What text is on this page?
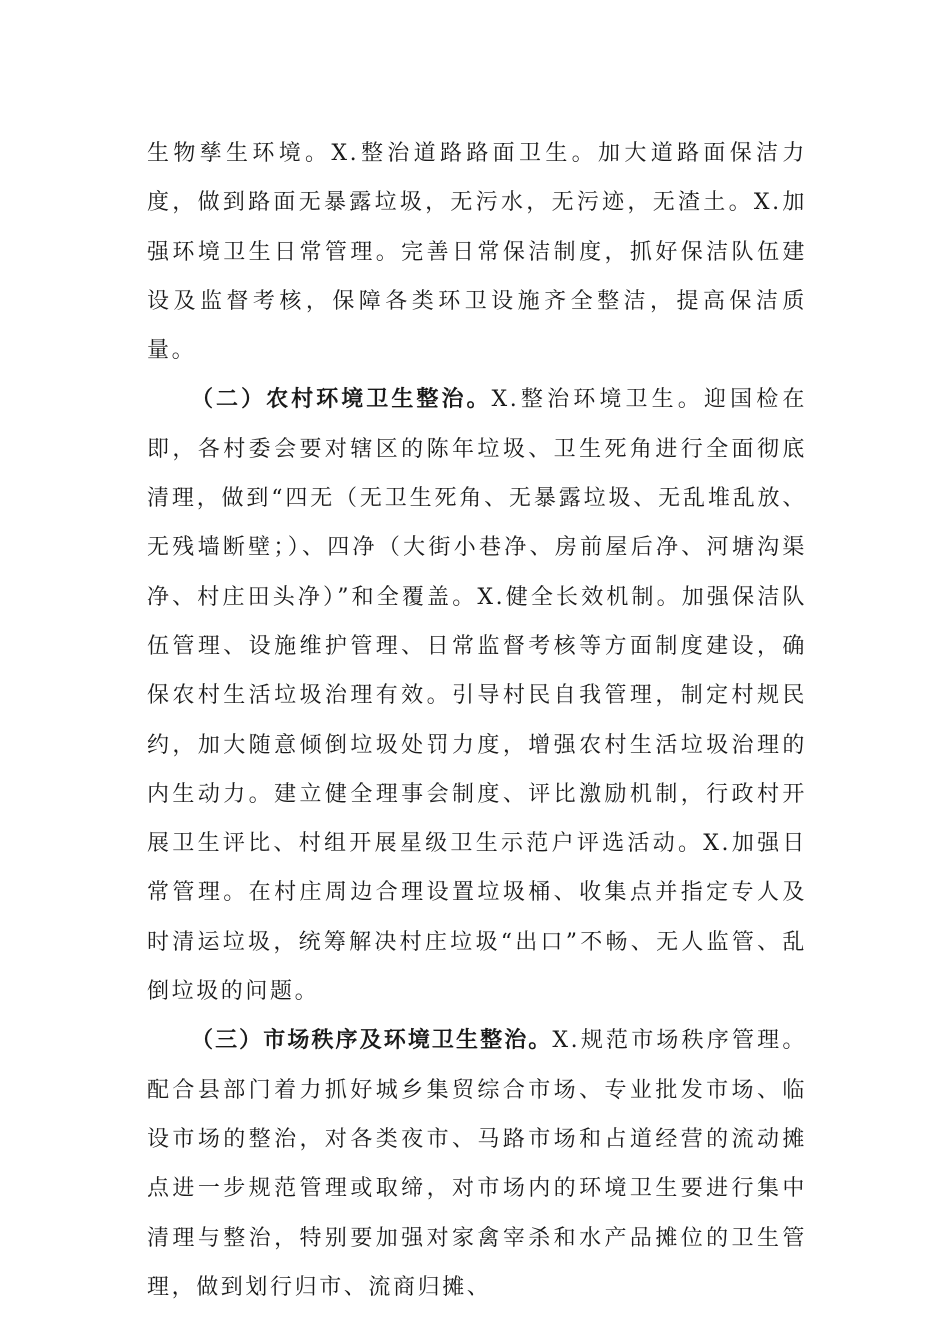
生物孳生环境。X.整治道路路面卫生。加大道路面保洁力度，做到路面无暴露垃圾，无污水，无污迹，无渣土。X.加强环境卫生日常管理。完善日常保洁制度，抓好保洁队伍建设及监督考核，保障各类环卫设施齐全整洁，提高保洁质量。

（二）农村环境卫生整治。X.整治环境卫生。迎国检在即，各村委会要对辖区的陈年垃圾、卫生死角进行全面彻底清理，做到“四无（无卫生死角、无暴露垃圾、无乱堆乱放、无残墙断壁；）、四净（大街小巷净、房前屋后净、河塘沟渠净、村庄田头净）”和全覆盖。X.健全长效机制。加强保洁队伍管理、设施维护管理、日常监督考核等方面制度建设，确保农村生活垃圾治理有效。引导村民自我管理，制定村规民约，加大随意倾倒垃圾处罚力度，增强农村生活垃圾治理的内生动力。建立健全理事会制度、评比激励机制，行政村开展卫生评比、村组开展星级卫生示范户评选活动。X.加强日常管理。在村庄周边合理设置垃圾桶、收集点并指定专人及时清运垃圾，统筹解决村庄垃圾“出口”不畅、无人监管、乱倒垃圾的问题。

（三）市场秩序及环境卫生整治。X.规范市场秩序管理。配合县部门着力抓好城乡集贸综合市场、专业批发市场、临设市场的整治，对各类夜市、马路市场和占道经营的流动摊点进一步规范管理或取缔，对市场内的环境卫生要进行集中清理与整治，特别要加强对家禽宰杀和水产品摊位的卫生管理，做到划行归市、流商归摊、
